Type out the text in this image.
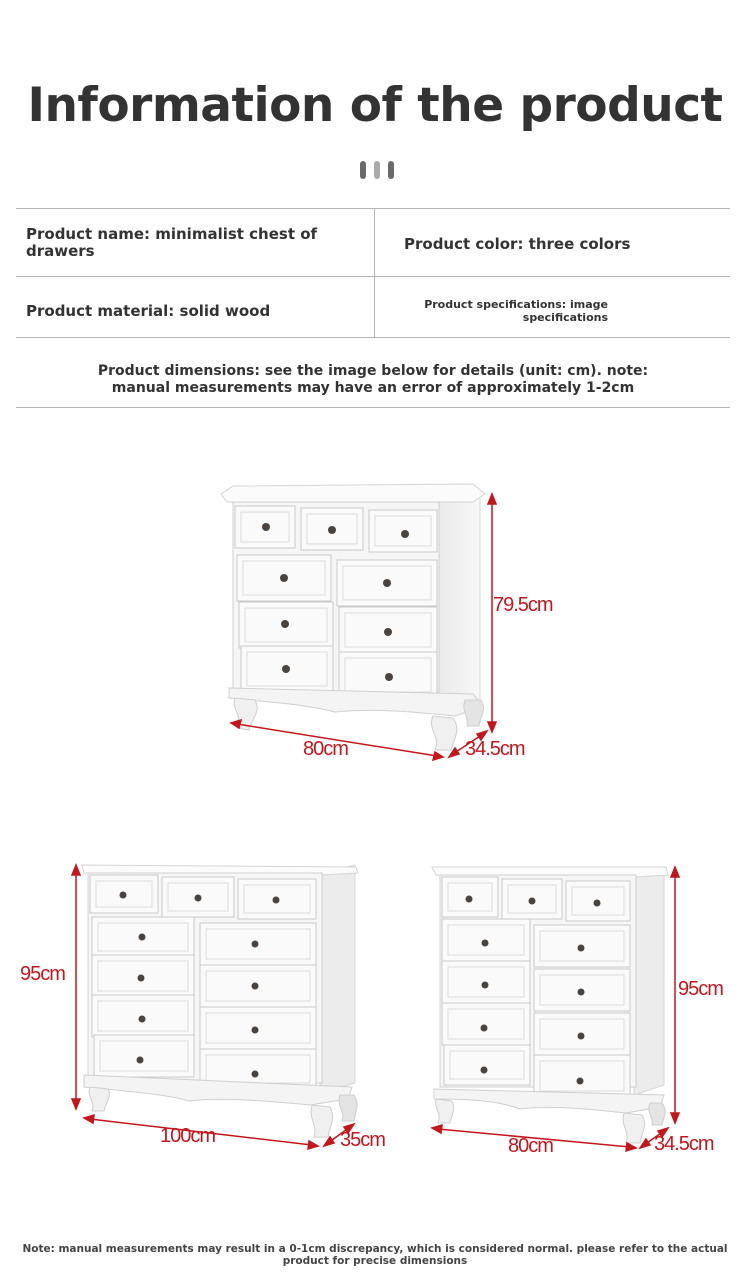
Information of the product
Product name: minimalist chest of drawers	Product color: three colors
Product material: solid wood	Product specifications: image specifications
Product dimensions: see the image below for details (unit: cm). note: manual measurements may have an error of approximately 1-2cm
79.5cm
80cm	34.5cm
95cm
100cm	35cm
95cm
80cm	34.5cm
Note: manual measurements may result in a 0-1cm discrepancy, which is considered normal. please refer to the actual product for precise dimensions
